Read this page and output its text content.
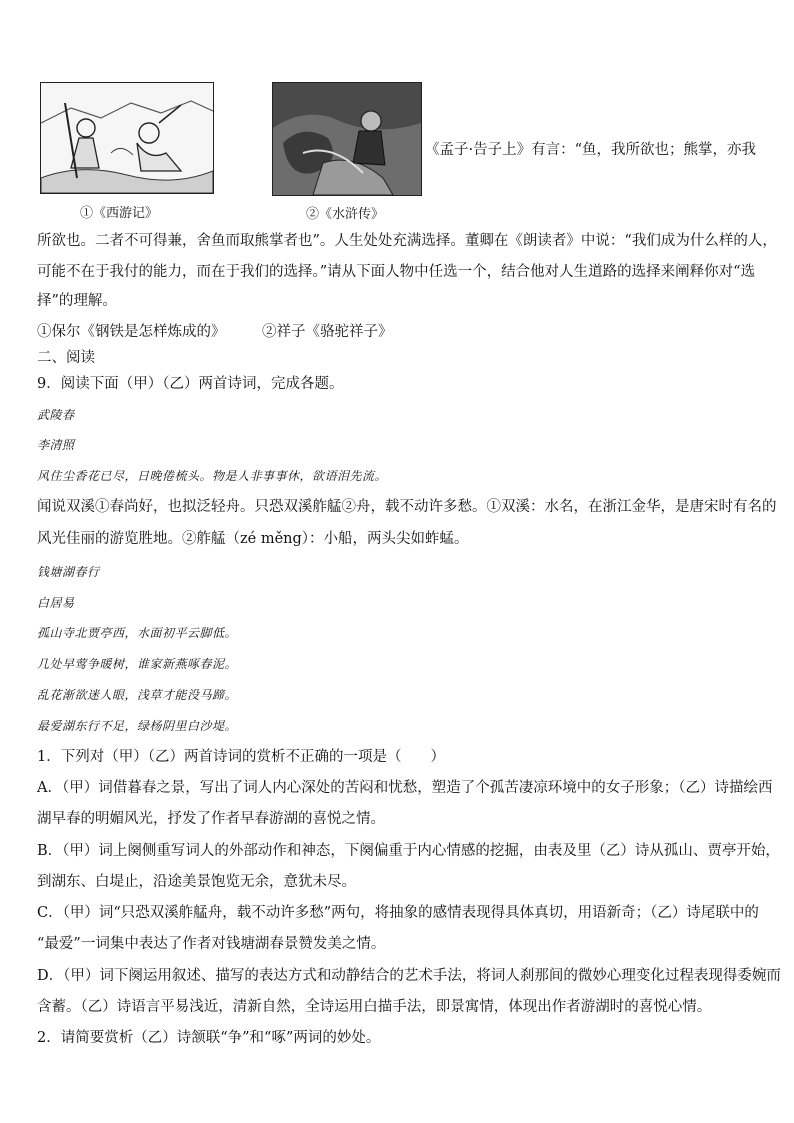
①《西游记》	②《水浒传》
《孟子·告子上》有言：“鱼，我所欲也；熊掌，亦我
所欲也。二者不可得兼，舍鱼而取熊掌者也”。人生处处充满选择。董卿在《朗读者》中说：“我们成为什么样的人，
可能不在于我付的能力，而在于我们的选择。”请从下面人物中任选一个，结合他对人生道路的选择来阐释你对“选
择”的理解。
①保尔《钢铁是怎样炼成的》	②祥子《骆驼祥子》
二、阅读
9．阅读下面（甲）（乙）两首诗词，完成各题。
武陵春
李清照
风住尘香花已尽，日晚倦梳头。物是人非事事休，欲语泪先流。
闻说双溪①春尚好，也拟泛轻舟。只恐双溪舴艋②舟，载不动许多愁。①双溪：水名，在浙江金华，是唐宋时有名的
风光佳丽的游览胜地。②舴艋（zé měng）：小船，两头尖如蚱蜢。
钱塘湖春行
白居易
孤山寺北贾亭西，水面初平云脚低。
几处早莺争暖树，谁家新燕啄春泥。
乱花渐欲迷人眼，浅草才能没马蹄。
最爱湖东行不足，绿杨阴里白沙堤。
1．下列对（甲）（乙）两首诗词的赏析不正确的一项是（　　）
A．（甲）词借暮春之景，写出了词人内心深处的苦闷和忧愁，塑造了个孤苦凄凉环境中的女子形象；（乙）诗描绘西
湖早春的明媚风光，抒发了作者早春游湖的喜悦之情。
B．（甲）词上阕侧重写词人的外部动作和神态，下阕偏重于内心情感的挖掘，由表及里（乙）诗从孤山、贾亭开始，
到湖东、白堤止，沿途美景饱览无余，意犹未尽。
C．（甲）词“只恐双溪舴艋舟，载不动许多愁”两句，将抽象的感情表现得具体真切，用语新奇；（乙）诗尾联中的
“最爱”一词集中表达了作者对钱塘湖春景赞发美之情。
D．（甲）词下阕运用叙述、描写的表达方式和动静结合的艺术手法，将词人刹那间的微妙心理变化过程表现得委婉而
含蓄。（乙）诗语言平易浅近，清新自然，全诗运用白描手法，即景寓情，体现出作者游湖时的喜悦心情。
2．请简要赏析（乙）诗颔联“争”和“啄”两词的妙处。
